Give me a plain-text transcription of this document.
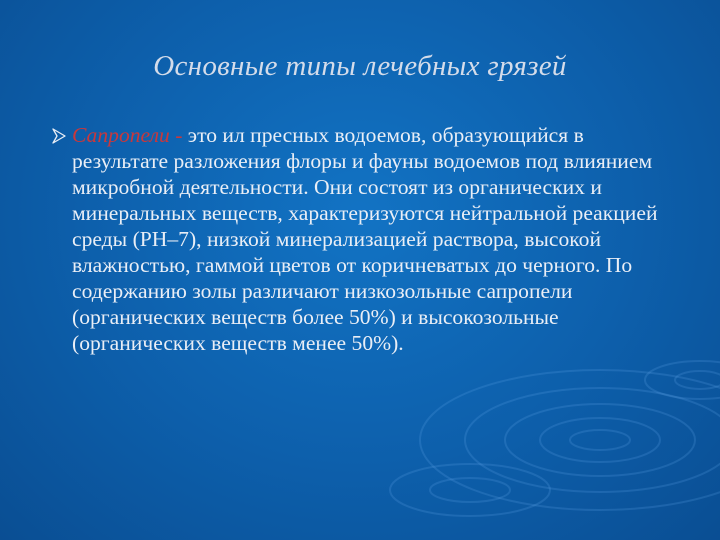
Основные типы лечебных грязей
Сапропели - это ил пресных водоемов, образующийся в результате разложения флоры и фауны водоемов под влиянием микробной деятельности. Они состоят из органических и минеральных веществ, характеризуются нейтральной реакцией среды (РН–7), низкой минерализацией раствора, высокой влажностью, гаммой цветов от коричневатых до черного. По содержанию золы различают низкозольные сапропели (органических веществ более 50%) и высокозольные (органических веществ менее 50%).
